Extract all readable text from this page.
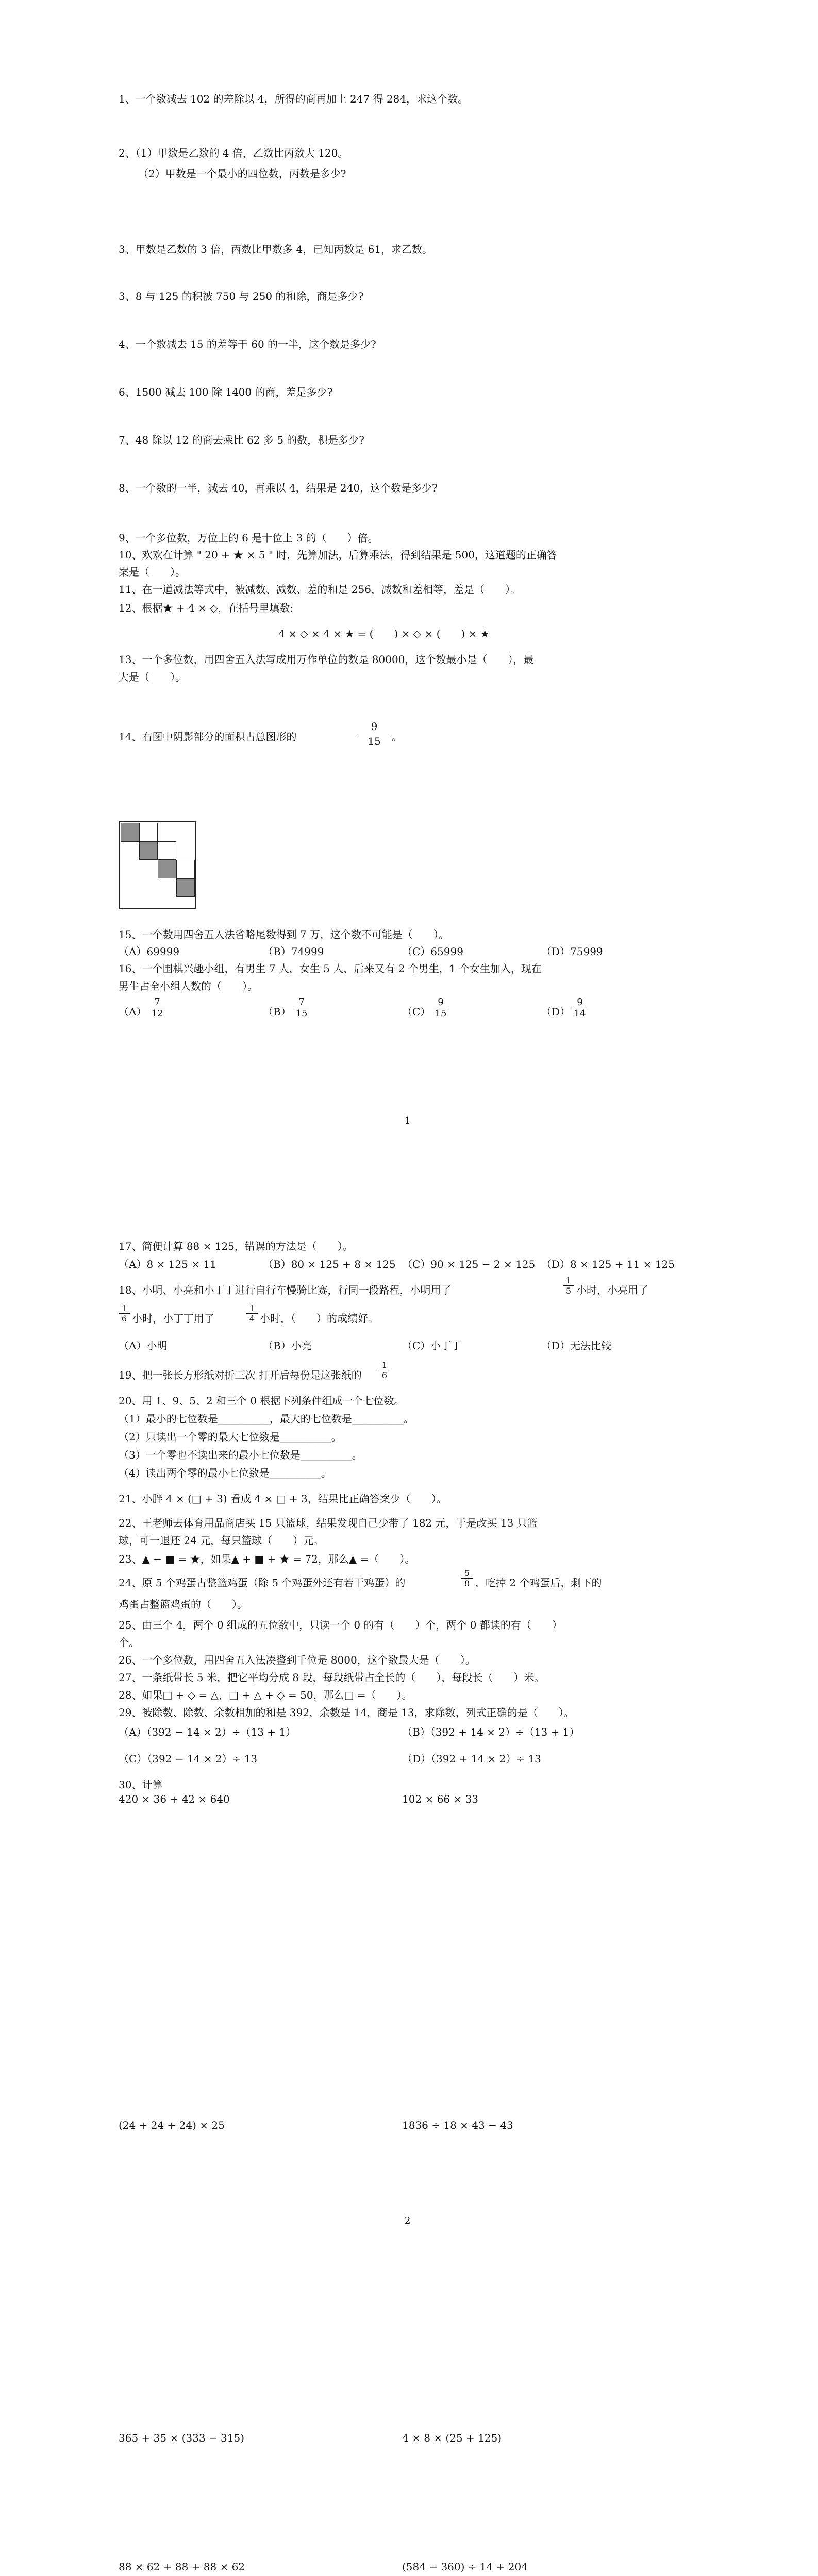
1、一个数减去 102 的差除以 4，所得的商再加上 247 得 284，求这个数。
2、（1）甲数是乙数的 4 倍，乙数比丙数大 120。
（2）甲数是一个最小的四位数，丙数是多少?
3、甲数是乙数的 3 倍，丙数比甲数多 4，已知丙数是 61，求乙数。
3、8 与 125 的积被 750 与 250 的和除，商是多少?
4、一个数减去 15 的差等于 60 的一半，这个数是多少?
6、1500 减去 100 除 1400 的商，差是多少?
7、48 除以 12 的商去乘比 62 多 5 的数，积是多少?
8、一个数的一半，减去 40，再乘以 4，结果是 240，这个数是多少?
9、一个多位数，万位上的 6 是十位上 3 的（　　）倍。
10、欢欢在计算 " 20 + ★ × 5 " 时，先算加法，后算乘法，得到结果是 500，这道题的正确答
案是（　　）。
11、在一道减法等式中，被减数、减数、差的和是 256，减数和差相等，差是（　　）。
12、根据★ + 4 × ◇，在括号里填数:
4 × ◇ × 4 × ★ = (　　) × ◇ × (　　) × ★
13、一个多位数，用四舍五入法写成用万作单位的数是 80000，这个数最小是（　　），最
大是（　　）。
14、右图中阴影部分的面积占总图形的
9
15	。
15、一个数用四舍五入法省略尾数得到 7 万，这个数不可能是（　　）。
（A）69999	（B）74999	（C）65999	（D）75999
16、一个围棋兴趣小组，有男生 7 人，女生 5 人，后来又有 2 个男生，1 个女生加入，现在
男生占全小组人数的（　　）。
（A）
7
12	（B）
7
15	（C）
9
15	（D）
9
14
1
17、简便计算 88 × 125，错误的方法是（　　）。
（A）8 × 125 × 11	（B）80 × 125 + 8 × 125 （C）90 × 125 − 2 × 125 （D）8 × 125 + 11 × 125
18、小明、小亮和小丁丁进行自行车慢骑比赛，行同一段路程，小明用了
1
5 小时，小亮用了
1
6 小时，小丁丁用了
1
4 小时，（　　）的成绩好。
（A）小明	（B）小亮	（C）小丁丁	（D）无法比较
19、把一张长方形纸对折三次 打开后每份是这张纸的
1
6
20、用 1、9、5、2 和三个 0 根据下列条件组成一个七位数。
（1）最小的七位数是__________，最大的七位数是__________。
（2）只读出一个零的最大七位数是__________。
（3）一个零也不读出来的最小七位数是__________。
（4）读出两个零的最小七位数是__________。
21、小胖 4 × (□ + 3) 看成 4 × □ + 3，结果比正确答案少（　　）。
22、王老师去体育用品商店买 15 只篮球，结果发现自己少带了 182 元，于是改买 13 只篮
球，可一退还 24 元，每只篮球（　　）元。
23、▲ − ■ = ★，如果▲ + ■ + ★ = 72，那么▲ =（　　）。
24、原 5 个鸡蛋占整篮鸡蛋（除 5 个鸡蛋外还有若干鸡蛋）的
5
8 ，吃掉 2 个鸡蛋后，剩下的
鸡蛋占整篮鸡蛋的（　　）。
25、由三个 4，两个 0 组成的五位数中，只读一个 0 的有（　　）个，两个 0 都读的有（　　）
个。
26、一个多位数，用四舍五入法凑整到千位是 8000，这个数最大是（　　）。
27、一条纸带长 5 米，把它平均分成 8 段，每段纸带占全长的（　　），每段长（　　）米。
28、如果□ + ◇ = △，□ + △ + ◇ = 50，那么□ =（　　）。
29、被除数、除数、余数相加的和是 392，余数是 14，商是 13，求除数，列式正确的是（　　）。
（A）（392 − 14 × 2）÷（13 + 1）	（B）（392 + 14 × 2）÷（13 + 1）
（C）（392 − 14 × 2）÷ 13	（D）（392 + 14 × 2）÷ 13
30、计算
420 × 36 + 42 × 640	102 × 66 × 33
(24 + 24 + 24) × 25	1836 ÷ 18 × 43 − 43
2
365 + 35 × (333 − 315)	4 × 8 × (25 + 125)
88 × 62 + 88 + 88 × 62	(584 − 360) ÷ 14 + 204
